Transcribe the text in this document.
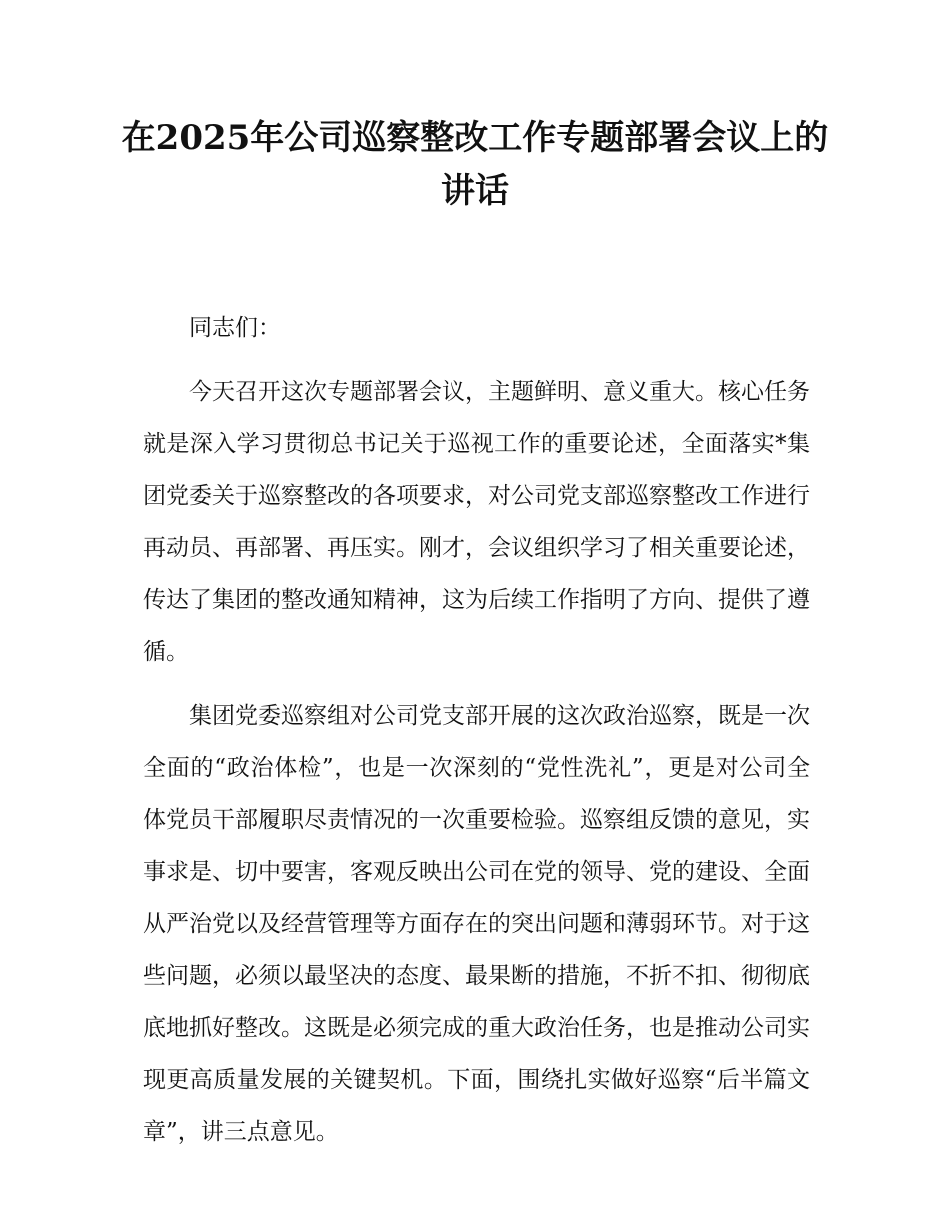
在2025年公司巡察整改工作专题部署会议上的讲话

同志们：

今天召开这次专题部署会议，主题鲜明、意义重大。核心任务就是深入学习贯彻总书记关于巡视工作的重要论述，全面落实*集团党委关于巡察整改的各项要求，对公司党支部巡察整改工作进行再动员、再部署、再压实。刚才，会议组织学习了相关重要论述，传达了集团的整改通知精神，这为后续工作指明了方向、提供了遵循。

集团党委巡察组对公司党支部开展的这次政治巡察，既是一次全面的“政治体检”，也是一次深刻的“党性洗礼”，更是对公司全体党员干部履职尽责情况的一次重要检验。巡察组反馈的意见，实事求是、切中要害，客观反映出公司在党的领导、党的建设、全面从严治党以及经营管理等方面存在的突出问题和薄弱环节。对于这些问题，必须以最坚决的态度、最果断的措施，不折不扣、彻彻底底地抓好整改。这既是必须完成的重大政治任务，也是推动公司实现更高质量发展的关键契机。下面，围绕扎实做好巡察“后半篇文章”，讲三点意见。
